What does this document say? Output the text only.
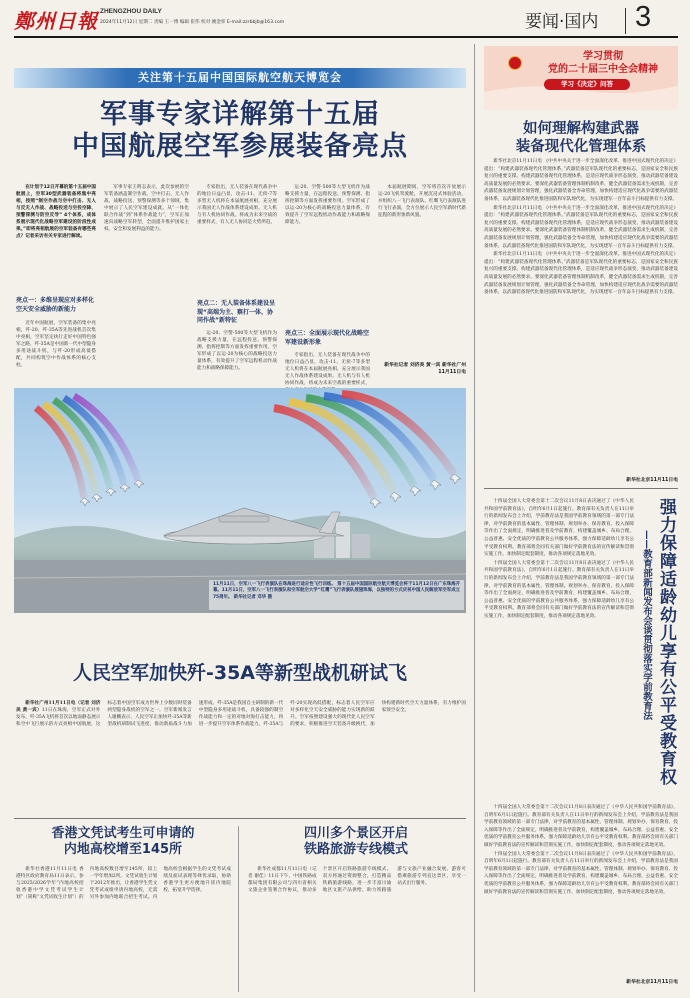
鄭州日報 ZHENGZHOU DAILY
2024年11月12日 星期二 责编 王一博 编辑 崔伟 校对 姚金卯 E-mail:zzrbbjb@163.com	要闻·国内 3
关注第十五届中国国际航空航天博览会
军事专家详解第十五届
中国航展空军参展装备亮点

在计划于12日开幕的第十五届中国航展上，空军30型武器装备将集中亮相，按照“制空作战与空中打击、无人与反无人作战、战略投送与空投空降、预警探测与防空反导” 4个体系，成体系展示现代化战略空军建设的阶段性成果。”即将亮相航展的空军装备有哪些亮点？记者采访有关专家进行解读。

亮点一：多维呈现应对多样化空天安全威胁的新能力

近年中国航展，空军装备的集中亮相，歼-20、歼-35A等先进战机首次集中亮相，空军坚定执行走好中国特色强军之路，歼-35A是中国新一代中型隐身多用途战斗机，与歼-20形成高低搭配，共同构筑空中作战体系的核心支柱。

军事专家王明志表示，此次参展的空军装备涵盖制空作战、空中打击、无人作战、战略投送、预警探测等多个领域，集中展示了人民空军建设成就。从“一体化联合作战”到“体系作战能力”，空军正加速向战略空军转型，全面提升维护国家主权、安全和发展利益的能力。

专家指出，无人装备在现代战争中的地位日益凸显，攻击-11、无侦-7等多型无人机将在本届航展亮相，充分展示我国无人作战体系建设成果。无人机与有人机协同作战，将成为未来空战的重要样式，有人无人协同是大势所趋。

亮点二：无人装备体系建设呈现“高端为主、察打一体、协同作战”新特征

运-20、空警-500等大型飞机作为战略支援力量，在远程投送、预警探测、指挥控制等方面发挥重要作用。空军形成了以运-20为核心的战略投送力量体系，有效提升了空军远程机动作战能力和战略保障能力。

运-20、空警-500等大型飞机作为战略支援力量，在远程投送、预警探测、指挥控制等方面发挥重要作用。空军形成了以运-20为核心的战略投送力量体系，有效提升了空军远程机动作战能力和战略保障能力。

亮点三：全面展示现代化战略空军建设新形象

专家指出，无人装备在现代战争中的地位日益凸显，攻击-11、无侦-7等多型无人机将在本届航展亮相，充分展示我国无人作战体系建设成果。无人机与有人机协同作战，将成为未来空战的重要样式，

本届航展期间，空军将首次开放展示运-20飞机驾驶舱，开展沉浸式体验活动，并组织八一飞行表演队、红鹰飞行表演队进行飞行表演，全方位展示人民空军新时代新征程的新形象新风貌。

新华社记者 刘济美 黄一宾 新华社广州11月11日电
11月11日，空军八一飞行表演队在珠海进行适应性飞行训练。 第十五届中国国际航空航天博览会将于11月12日在广东珠海开幕。11月11日，空军八一飞行表演队和空军航空大学“红鹰”飞行表演队展翅珠海，以独特的方式庆祝中国人民解放军空军成立75周年。 新华社记者 邓华 摄
人民空军加快歼-35A等新型战机研试飞

新华社广州11月11日电（记者 刘济美 黄一宾）11日在珠海，空军正式对外发布，歼-35A飞机将首次以地面静态展示和空中飞行展示的方式亮相中国航展，这标志着中国空军成为世界上少数同时装备两型隐身战机的空军之一。空军新闻发言人谢鹏表示，人民空军正加快歼-35A等新型战机研制试飞进度，推动新质战斗力加速形成。歼-35A是我国自主研制的新一代中型隐身多用途战斗机，具备较强的制空作战能力和一定的对地对海打击能力，将进一步提升空军体系作战能力。歼-35A与歼-20实现高低搭配，标志着人民空军应对多样化空天安全威胁的能力实现新的跃升。空军按照建设强大的现代化人民空军的要求，积极推进空天装备升级换代，加快构建新时代空天力量体系，有力维护国家领空安全。

香港文凭试考生可申请的
内地高校增至145所

新华社香港11月11日电 香港特区政府教育局11日表示，参与2025/2026学年“内地高校招收香港中学文凭考试学生计划”（简称“文凭试收生计划”）的内地高校数目增至145所，较上一学年增加2所。文凭试收生计划于2012年推出，让香港学生凭文凭考试成绩申请内地高校，无需另外参加内地联合招生考试。内地高校会根据学生的文凭考试成绩及面试表现等择优录取，协助香港学生更方便地升读内地院校，拓宽升学选择。

四川多个景区开启
铁路旅游专线模式

新华社成都11月11日电（记者 谢佳）11日下午，中国铁路成都局集团有限公司与四川省相关文旅企业签署合作协议，推动多个景区开启铁路旅游专线模式。双方将通过资源整合，打造精品铁路旅游线路，进一步丰富川渝地区文旅产品供给，助力铁路旅游与文旅产业融合发展。游客可搭乘旅游专列直达景区，享受一站式出行服务。

学习贯彻
党的二十届三中全会精神
学习《决定》问答
如何理解构建武器
装备现代化管理体系

新华社北京11月11日电 《中共中央关于进一步全面深化改革、推进中国式现代化的决定》提出：“构建武器装备现代化管理体系。”武器装备是军队现代化的重要标志，是国家安全和民族复兴的重要支撑。构建武器装备现代化管理体系，是适应现代战争形态演变、推动武器装备建设高质量发展的必然要求。要深化武器装备管理体制机制改革，健全武器装备需求生成机制，完善武器装备发展规划计划管理，强化武器装备全寿命管理，加快构建适应现代化战争需要的武器装备体系，以武器装备现代化推进国防和军队现代化，为实现建军一百年奋斗目标提供有力支撑。

新华社北京11月11日电 《中共中央关于进一步全面深化改革、推进中国式现代化的决定》提出：“构建武器装备现代化管理体系。”武器装备是军队现代化的重要标志，是国家安全和民族复兴的重要支撑。构建武器装备现代化管理体系，是适应现代战争形态演变、推动武器装备建设高质量发展的必然要求。要深化武器装备管理体制机制改革，健全武器装备需求生成机制，完善武器装备发展规划计划管理，强化武器装备全寿命管理，加快构建适应现代化战争需要的武器装备体系，以武器装备现代化推进国防和军队现代化，为实现建军一百年奋斗目标提供有力支撑。

新华社北京11月11日电 《中共中央关于进一步全面深化改革、推进中国式现代化的决定》提出：“构建武器装备现代化管理体系。”武器装备是军队现代化的重要标志，是国家安全和民族复兴的重要支撑。构建武器装备现代化管理体系，是适应现代战争形态演变、推动武器装备建设高质量发展的必然要求。要深化武器装备管理体制机制改革，健全武器装备需求生成机制，完善武器装备发展规划计划管理，强化武器装备全寿命管理，加快构建适应现代化战争需要的武器装备体系，以武器装备现代化推进国防和军队现代化，为实现建军一百年奋斗目标提供有力支撑。

新华社北京11月11日电
强力保障适龄幼儿享有公平受教育权
——教育部新闻发布会谈贯彻落实学前教育法

十四届全国人大常委会第十二次会议11月8日表决通过了《中华人民共和国学前教育法》，自明年6月1日起施行。教育部有关负责人在11日举行的新闻发布会上介绍，学前教育法是我国学前教育领域的第一部专门法律，对学前教育的基本属性、管理体制、规划举办、保育教育、投入保障等作出了全面规定，明确推进普及学前教育，构建覆盖城乡、布局合理、公益普惠、安全优质的学前教育公共服务体系，强力保障适龄幼儿享有公平受教育权利。教育部将会同有关部门做好学前教育法的宣传解读和贯彻实施工作，加快制定配套制度，推动各项规定落地见效。

十四届全国人大常委会第十二次会议11月8日表决通过了《中华人民共和国学前教育法》，自明年6月1日起施行。教育部有关负责人在11日举行的新闻发布会上介绍，学前教育法是我国学前教育领域的第一部专门法律，对学前教育的基本属性、管理体制、规划举办、保育教育、投入保障等作出了全面规定，明确推进普及学前教育，构建覆盖城乡、布局合理、公益普惠、安全优质的学前教育公共服务体系，强力保障适龄幼儿享有公平受教育权利。教育部将会同有关部门做好学前教育法的宣传解读和贯彻实施工作，加快制定配套制度，推动各项规定落地见效。

十四届全国人大常委会第十二次会议11月8日表决通过了《中华人民共和国学前教育法》，自明年6月1日起施行。教育部有关负责人在11日举行的新闻发布会上介绍，学前教育法是我国学前教育领域的第一部专门法律，对学前教育的基本属性、管理体制、规划举办、保育教育、投入保障等作出了全面规定，明确推进普及学前教育，构建覆盖城乡、布局合理、公益普惠、安全优质的学前教育公共服务体系，强力保障适龄幼儿享有公平受教育权利。教育部将会同有关部门做好学前教育法的宣传解读和贯彻实施工作，加快制定配套制度，推动各项规定落地见效。

十四届全国人大常委会第十二次会议11月8日表决通过了《中华人民共和国学前教育法》，自明年6月1日起施行。教育部有关负责人在11日举行的新闻发布会上介绍，学前教育法是我国学前教育领域的第一部专门法律，对学前教育的基本属性、管理体制、规划举办、保育教育、投入保障等作出了全面规定，明确推进普及学前教育，构建覆盖城乡、布局合理、公益普惠、安全优质的学前教育公共服务体系，强力保障适龄幼儿享有公平受教育权利。教育部将会同有关部门做好学前教育法的宣传解读和贯彻实施工作，加快制定配套制度，推动各项规定落地见效。

新华社北京11月11日电
